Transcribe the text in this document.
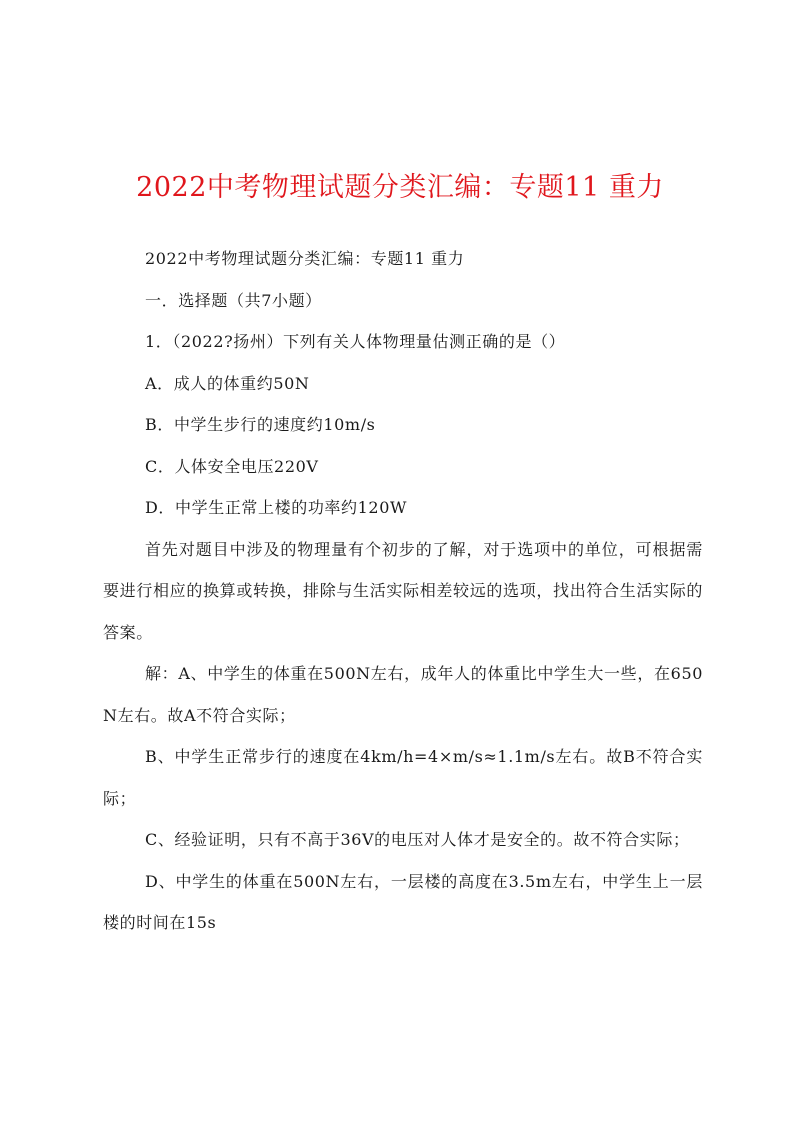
2022中考物理试题分类汇编：专题11 重力

2022中考物理试题分类汇编：专题11 重力

一．选择题（共7小题）

1．（2022?扬州）下列有关人体物理量估测正确的是（）

A．成人的体重约50N

B．中学生步行的速度约10m/s

C．人体安全电压220V

D．中学生正常上楼的功率约120W

首先对题目中涉及的物理量有个初步的了解，对于选项中的单位，可根据需要进行相应的换算或转换，排除与生活实际相差较远的选项，找出符合生活实际的答案。

解：A、中学生的体重在500N左右，成年人的体重比中学生大一些，在650N左右。故A不符合实际；

B、中学生正常步行的速度在4km/h=4×m/s≈1.1m/s左右。故B不符合实际；

C、经验证明，只有不高于36V的电压对人体才是安全的。故不符合实际；

D、中学生的体重在500N左右，一层楼的高度在3.5m左右，中学生上一层楼的时间在15s
